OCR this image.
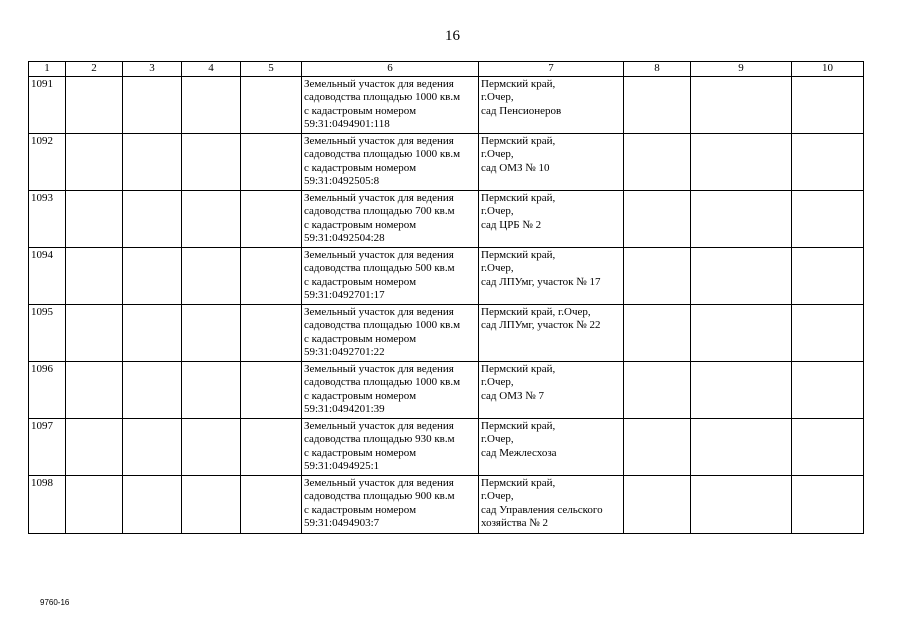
16
1	2	3	4	5	6	7	8	9	10
1091					Земельный участок для ведения
садоводства площадью 1000 кв.м
с кадастровым номером
59:31:0494901:118	Пермский край,
г.Очер,
сад Пенсионеров			
1092					Земельный участок для ведения
садоводства площадью 1000 кв.м
с кадастровым номером
59:31:0492505:8	Пермский край,
г.Очер,
сад ОМЗ № 10			
1093					Земельный участок для ведения
садоводства площадью 700 кв.м
с кадастровым номером
59:31:0492504:28	Пермский край,
г.Очер,
сад ЦРБ № 2			
1094					Земельный участок для ведения
садоводства площадью 500 кв.м
с кадастровым номером
59:31:0492701:17	Пермский край,
г.Очер,
сад ЛПУмг, участок № 17			
1095					Земельный участок для ведения
садоводства площадью 1000 кв.м
с кадастровым номером
59:31:0492701:22	Пермский край, г.Очер,
сад ЛПУмг, участок № 22			
1096					Земельный участок для ведения
садоводства площадью 1000 кв.м
с кадастровым номером
59:31:0494201:39	Пермский край,
г.Очер,
сад ОМЗ № 7			
1097					Земельный участок для ведения
садоводства площадью 930 кв.м
с кадастровым номером
59:31:0494925:1	Пермский край,
г.Очер,
сад Межлесхоза			
1098					Земельный участок для ведения
садоводства площадью 900 кв.м
с кадастровым номером
59:31:0494903:7	Пермский край,
г.Очер,
сад Управления сельского
хозяйства № 2			
9760-16
